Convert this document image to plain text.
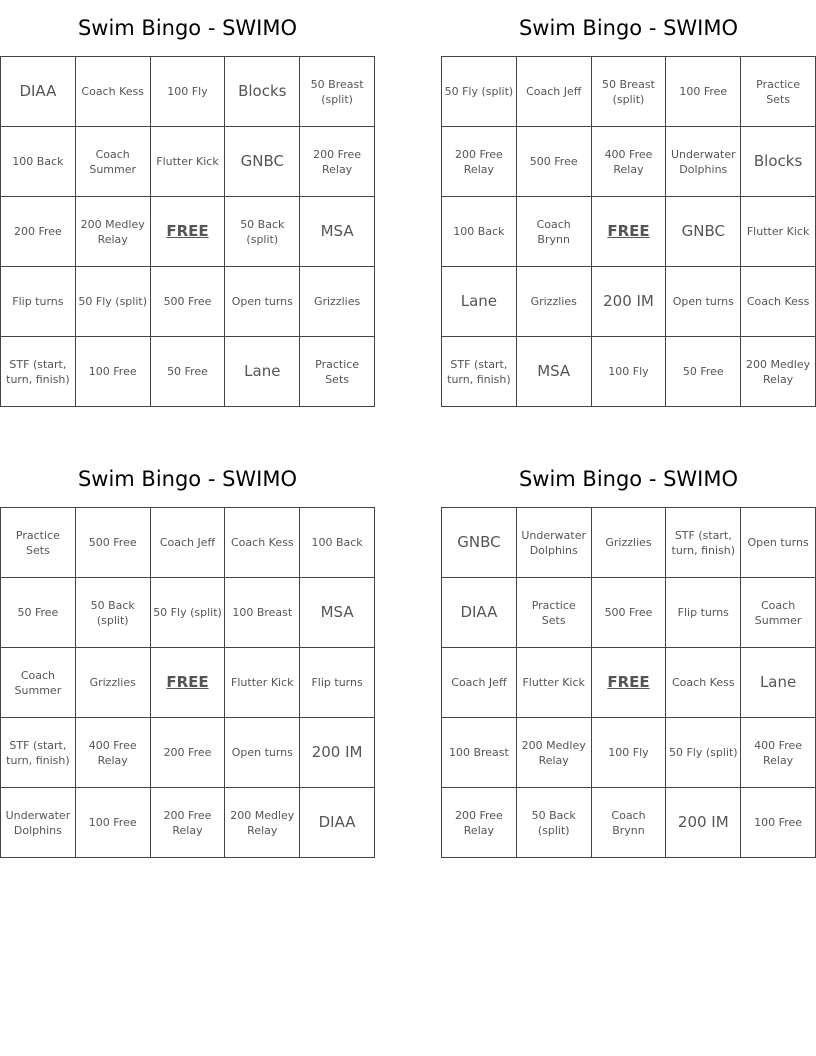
Swim Bingo - SWIMO
DIAA	Coach Kess	100 Fly	Blocks	50 Breast (split)
100 Back	Coach Summer	Flutter Kick	GNBC	200 Free Relay
200 Free	200 Medley Relay	FREE	50 Back (split)	MSA
Flip turns	50 Fly (split)	500 Free	Open turns	Grizzlies
STF (start, turn, finish)	100 Free	50 Free	Lane	Practice Sets
Swim Bingo - SWIMO
50 Fly (split)	Coach Jeff	50 Breast (split)	100 Free	Practice Sets
200 Free Relay	500 Free	400 Free Relay	Underwater Dolphins	Blocks
100 Back	Coach Brynn	FREE	GNBC	Flutter Kick
Lane	Grizzlies	200 IM	Open turns	Coach Kess
STF (start, turn, finish)	MSA	100 Fly	50 Free	200 Medley Relay
Swim Bingo - SWIMO
Practice Sets	500 Free	Coach Jeff	Coach Kess	100 Back
50 Free	50 Back (split)	50 Fly (split)	100 Breast	MSA
Coach Summer	Grizzlies	FREE	Flutter Kick	Flip turns
STF (start, turn, finish)	400 Free Relay	200 Free	Open turns	200 IM
Underwater Dolphins	100 Free	200 Free Relay	200 Medley Relay	DIAA
Swim Bingo - SWIMO
GNBC	Underwater Dolphins	Grizzlies	STF (start, turn, finish)	Open turns
DIAA	Practice Sets	500 Free	Flip turns	Coach Summer
Coach Jeff	Flutter Kick	FREE	Coach Kess	Lane
100 Breast	200 Medley Relay	100 Fly	50 Fly (split)	400 Free Relay
200 Free Relay	50 Back (split)	Coach Brynn	200 IM	100 Free
